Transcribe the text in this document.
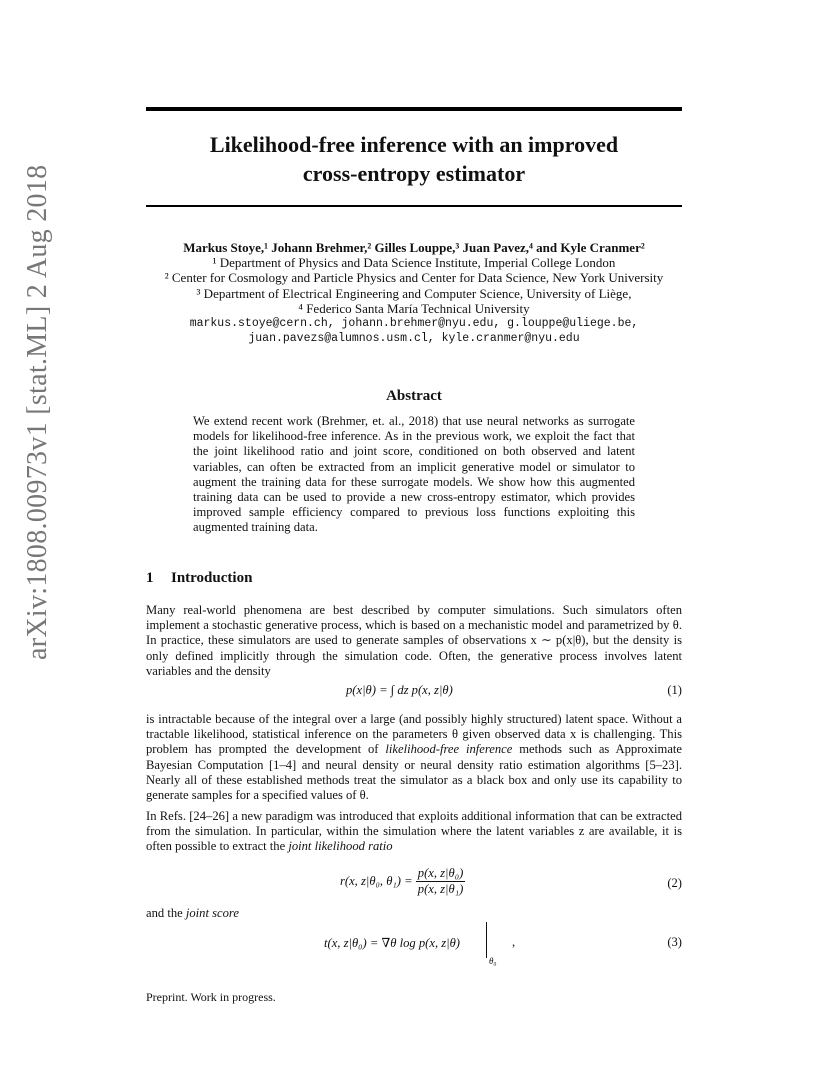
arXiv:1808.00973v1 [stat.ML] 2 Aug 2018
Likelihood-free inference with an improved
cross-entropy estimator
Markus Stoye,¹ Johann Brehmer,² Gilles Louppe,³ Juan Pavez,⁴ and Kyle Cranmer²
¹ Department of Physics and Data Science Institute, Imperial College London
² Center for Cosmology and Particle Physics and Center for Data Science, New York University
³ Department of Electrical Engineering and Computer Science, University of Liège,
⁴ Federico Santa María Technical University
markus.stoye@cern.ch, johann.brehmer@nyu.edu, g.louppe@uliege.be,
juan.pavezs@alumnos.usm.cl, kyle.cranmer@nyu.edu
Abstract
We extend recent work (Brehmer, et. al., 2018) that use neural networks as surrogate models for likelihood-free inference. As in the previous work, we exploit the fact that the joint likelihood ratio and joint score, conditioned on both observed and latent variables, can often be extracted from an implicit generative model or simulator to augment the training data for these surrogate models. We show how this augmented training data can be used to provide a new cross-entropy estimator, which provides improved sample efficiency compared to previous loss functions exploiting this augmented training data.
1 Introduction
Many real-world phenomena are best described by computer simulations. Such simulators often implement a stochastic generative process, which is based on a mechanistic model and parametrized by θ. In practice, these simulators are used to generate samples of observations x ∼ p(x|θ), but the density is only defined implicitly through the simulation code. Often, the generative process involves latent variables and the density
p(x|θ) = ∫ dz p(x, z|θ)	(1)
is intractable because of the integral over a large (and possibly highly structured) latent space. Without a tractable likelihood, statistical inference on the parameters θ given observed data x is challenging. This problem has prompted the development of likelihood-free inference methods such as Approximate Bayesian Computation [1–4] and neural density or neural density ratio estimation algorithms [5–23]. Nearly all of these established methods treat the simulator as a black box and only use its capability to generate samples for a specified values of θ.
In Refs. [24–26] a new paradigm was introduced that exploits additional information that can be extracted from the simulation. In particular, within the simulation where the latent variables z are available, it is often possible to extract the joint likelihood ratio
r(x, z|θ₀, $\theta_1) = \frac{\text{p(x, z|θ₀)}}{\text{p(x, z|θ₁)}}$	(2)
and the joint score
t(x, z|θ₀) = ∇θ log p(x, z|θ)
θ₀
,	(3)
Preprint. Work in progress.
